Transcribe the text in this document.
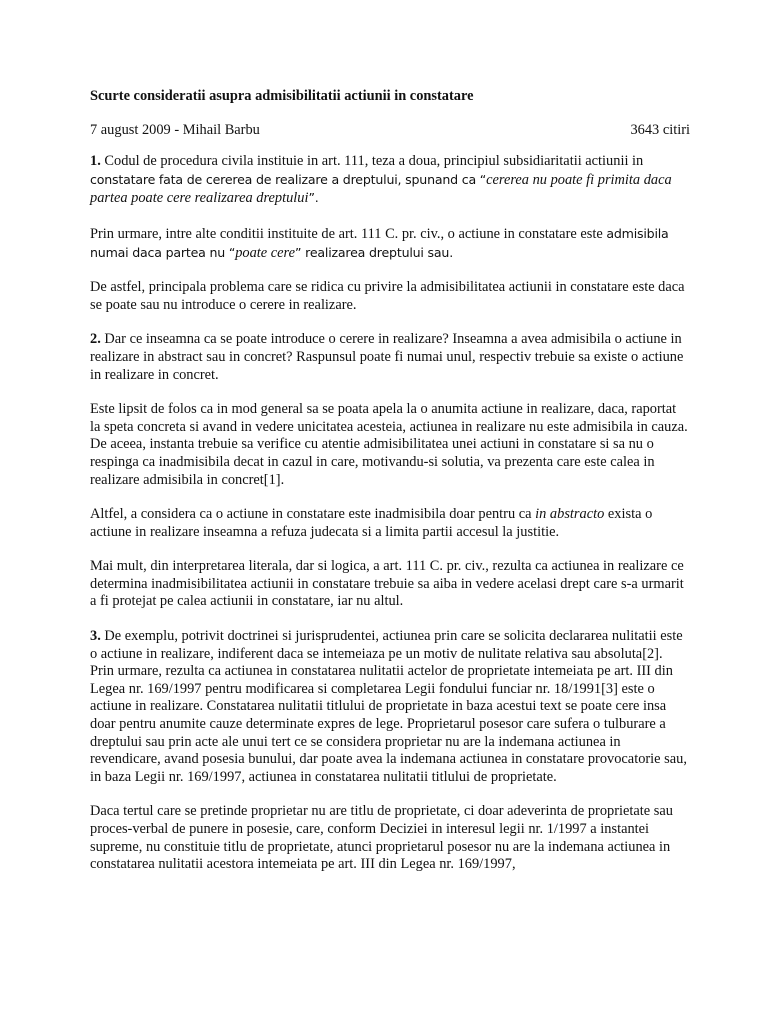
Scurte consideratii asupra admisibilitatii actiunii in constatare
7 august 2009 - Mihail Barbu	3643 citiri

1. Codul de procedura civila instituie in art. 111, teza a doua, principiul subsidiaritatii actiunii in constatare fata de cererea de realizare a dreptului, spunand ca “cererea nu poate fi primita daca partea poate cere realizarea dreptului”.

Prin urmare, intre alte conditii instituite de art. 111 C. pr. civ., o actiune in constatare este admisibila numai daca partea nu “poate cere” realizarea dreptului sau.

De astfel, principala problema care se ridica cu privire la admisibilitatea actiunii in constatare este daca se poate sau nu introduce o cerere in realizare.

2. Dar ce inseamna ca se poate introduce o cerere in realizare? Inseamna a avea admisibila o actiune in realizare in abstract sau in concret? Raspunsul poate fi numai unul, respectiv trebuie sa existe o actiune in realizare in concret.

Este lipsit de folos ca in mod general sa se poata apela la o anumita actiune in realizare, daca, raportat la speta concreta si avand in vedere unicitatea acesteia, actiunea in realizare nu este admisibila in cauza. De aceea, instanta trebuie sa verifice cu atentie admisibilitatea unei actiuni in constatare si sa nu o respinga ca inadmisibila decat in cazul in care, motivandu-si solutia, va prezenta care este calea in realizare admisibila in concret[1].

Altfel, a considera ca o actiune in constatare este inadmisibila doar pentru ca in abstracto exista o actiune in realizare inseamna a refuza judecata si a limita partii accesul la justitie.

Mai mult, din interpretarea literala, dar si logica, a art. 111 C. pr. civ., rezulta ca actiunea in realizare ce determina inadmisibilitatea actiunii in constatare trebuie sa aiba in vedere acelasi drept care s-a urmarit a fi protejat pe calea actiunii in constatare, iar nu altul.

3. De exemplu, potrivit doctrinei si jurisprudentei, actiunea prin care se solicita declararea nulitatii este o actiune in realizare, indiferent daca se intemeiaza pe un motiv de nulitate relativa sau absoluta[2]. Prin urmare, rezulta ca actiunea in constatarea nulitatii actelor de proprietate intemeiata pe art. III din Legea nr. 169/1997 pentru modificarea si completarea Legii fondului funciar nr. 18/1991[3] este o actiune in realizare. Constatarea nulitatii titlului de proprietate in baza acestui text se poate cere insa doar pentru anumite cauze determinate expres de lege. Proprietarul posesor care sufera o tulburare a dreptului sau prin acte ale unui tert ce se considera proprietar nu are la indemana actiunea in revendicare, avand posesia bunului, dar poate avea la indemana actiunea in constatare provocatorie sau, in baza Legii nr. 169/1997, actiunea in constatarea nulitatii titlului de proprietate.

Daca tertul care se pretinde proprietar nu are titlu de proprietate, ci doar adeverinta de proprietate sau proces-verbal de punere in posesie, care, conform Deciziei in interesul legii nr. 1/1997 a instantei supreme, nu constituie titlu de proprietate, atunci proprietarul posesor nu are la indemana actiunea in constatarea nulitatii acestora intemeiata pe art. III din Legea nr. 169/1997,
